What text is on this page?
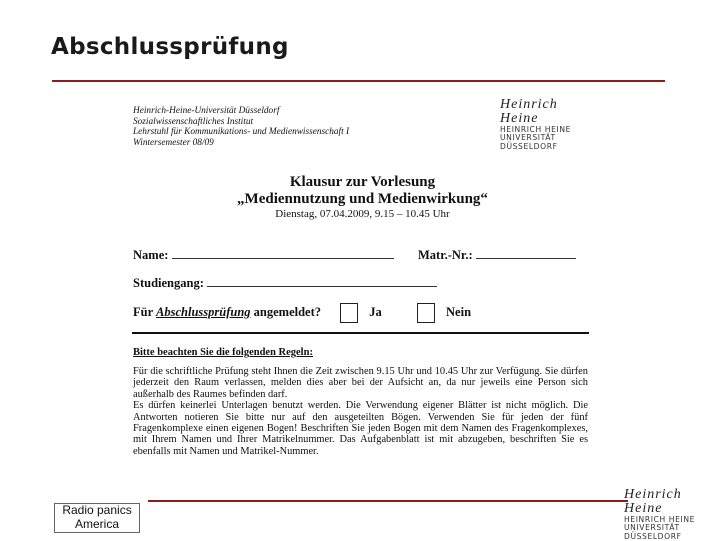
Abschlussprüfung
Heinrich-Heine-Universität Düsseldorf
Sozialwissenschaftliches Institut
Lehrstuhl für Kommunikations- und Medienwissenschaft I
Wintersemester 08/09
Heinrich Heine
HEINRICH HEINE
UNIVERSITÄT
DÜSSELDORF
Klausur zur Vorlesung
„Mediennutzung und Medienwirkung“
Dienstag, 07.04.2009, 9.15 – 10.45 Uhr
Name:	Matr.-Nr.:
Studiengang:
Für Abschlussprüfung angemeldet?	Ja	Nein
Bitte beachten Sie die folgenden Regeln:
Für die schriftliche Prüfung steht Ihnen die Zeit zwischen 9.15 Uhr und 10.45 Uhr zur Verfügung. Sie dürfen jederzeit den Raum verlassen, melden dies aber bei der Aufsicht an, da nur jeweils eine Person sich außerhalb des Raumes befinden darf.
Es dürfen keinerlei Unterlagen benutzt werden. Die Verwendung eigener Blätter ist nicht möglich. Die Antworten notieren Sie bitte nur auf den ausgeteilten Bögen. Verwenden Sie für jeden der fünf Fragenkomplexe einen eigenen Bogen! Beschriften Sie jeden Bogen mit dem Namen des Fragenkomplexes, mit Ihrem Namen und Ihrer Matrikelnummer. Das Aufgabenblatt ist mit abzugeben, beschriften Sie es ebenfalls mit Namen und Matrikel-Nummer.
Radio panics
America
Heinrich Heine
HEINRICH HEINE
UNIVERSITÄT
DÜSSELDORF
